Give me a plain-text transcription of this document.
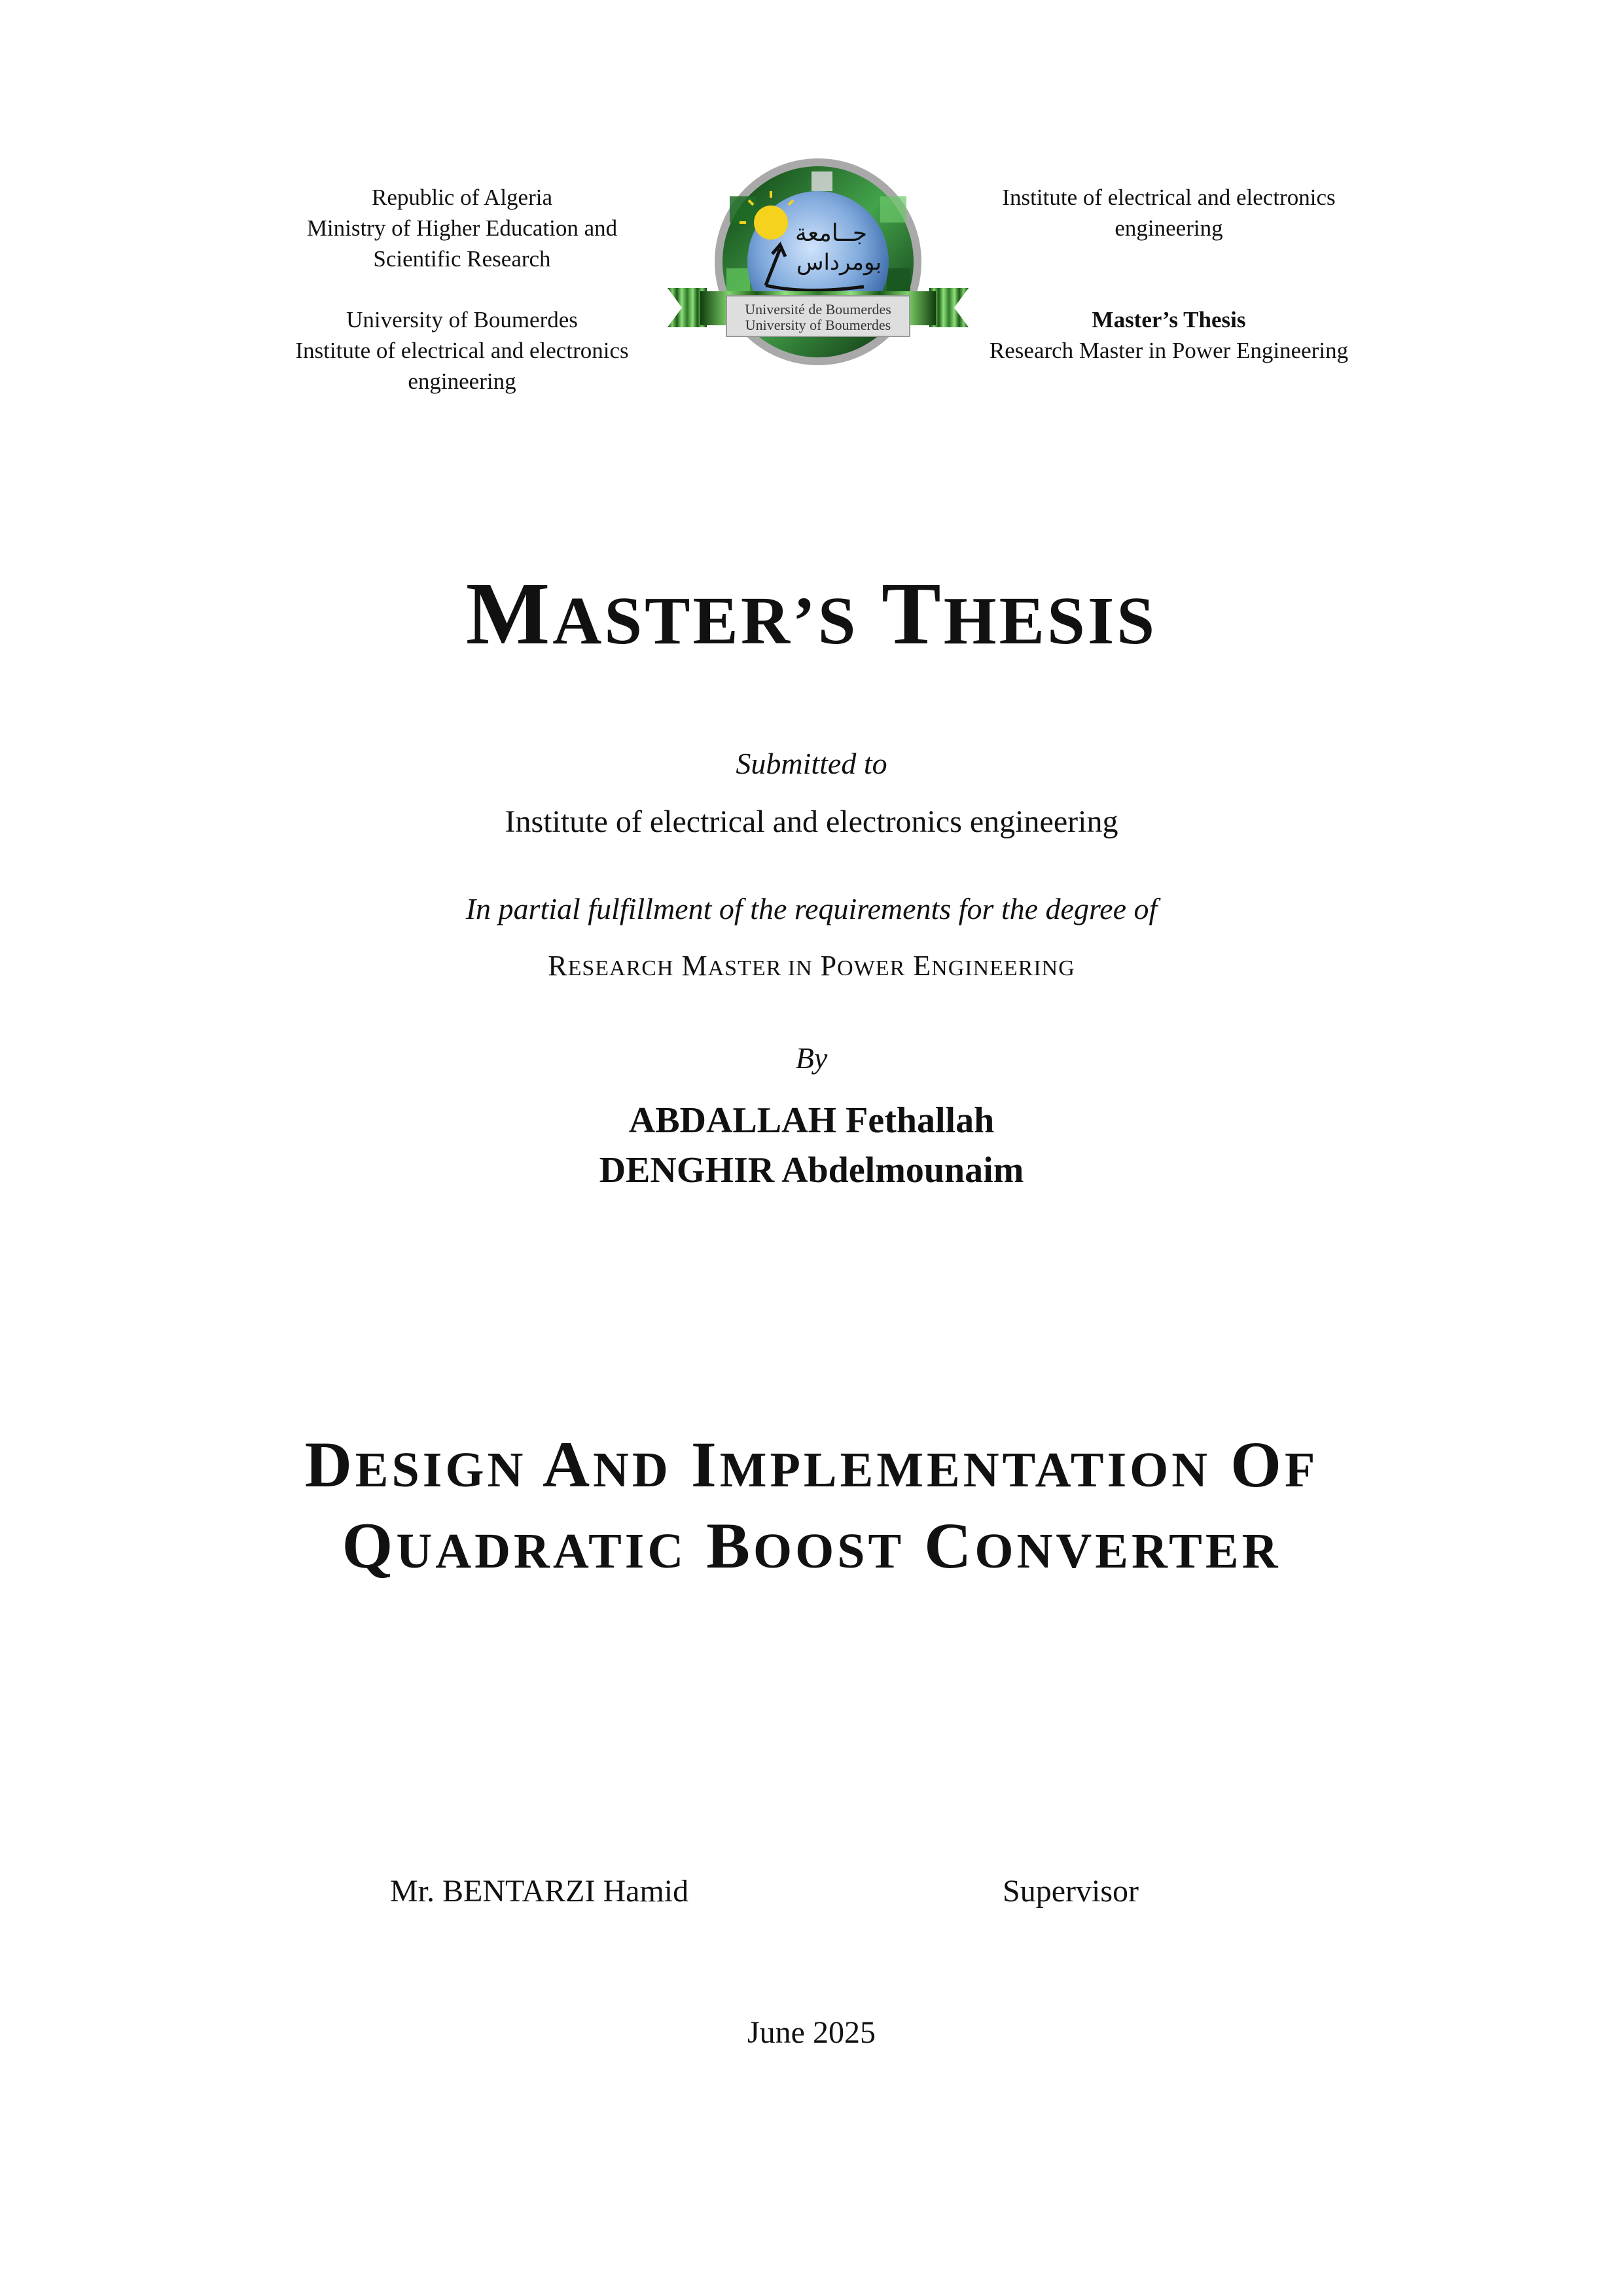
Republic of Algeria
Ministry of Higher Education and
Scientific Research
University of Boumerdes
Institute of electrical and electronics
engineering
جــامعة
بومرداس
Université de Boumerdes
University of Boumerdes
Institute of electrical and electronics
engineering
Master’s Thesis
Research Master in Power Engineering
MASTER’S THESIS
Submitted to
Institute of electrical and electronics engineering
In partial fulfillment of the requirements for the degree of
RESEARCH MASTER IN POWER ENGINEERING
By
ABDALLAH Fethallah
DENGHIR Abdelmounaim
DESIGN AND IMPLEMENTATION OF
QUADRATIC BOOST CONVERTER
Mr. BENTARZI Hamid	Supervisor
June 2025
